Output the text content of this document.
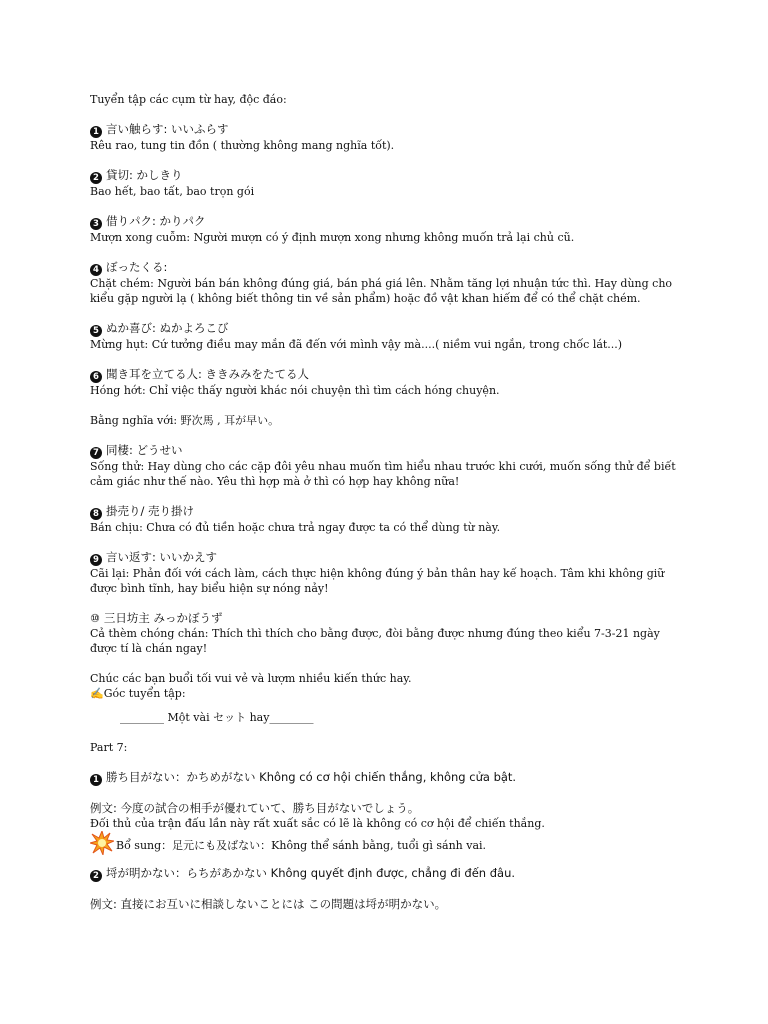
Tuyển tập các cụm từ hay, độc đáo:
1 言い触らす: いいふらす
Rêu rao, tung tin đồn ( thường không mang nghĩa tốt).
2 貸切: かしきり
Bao hết, bao tất, bao trọn gói
3 借りパク: かりパク
Mượn xong cuỗm: Người mượn có ý định mượn xong nhưng không muốn trả lại chủ cũ.
4 ぼったくる:
Chặt chém: Người bán bán không đúng giá, bán phá giá lên. Nhằm tăng lợi nhuận tức thì. Hay dùng cho kiểu gặp người lạ ( không biết thông tin về sản phẩm) hoặc đồ vật khan hiếm để có thể chặt chém.
5 ぬか喜び: ぬかよろこび
Mừng hụt: Cứ tưởng điều may mắn đã đến với mình vậy mà....( niềm vui ngắn, trong chốc lát...)
6 聞き耳を立てる人: ききみみをたてる人
Hóng hớt: Chỉ việc thấy người khác nói chuyện thì tìm cách hóng chuyện.
Bằng nghĩa với: 野次馬 , 耳が早い。
7 同棲: どうせい
Sống thử: Hay dùng cho các cặp đôi yêu nhau muốn tìm hiểu nhau trước khi cưới, muốn sống thử để biết cảm giác như thế nào. Yêu thì hợp mà ở thì có hợp hay không nữa!
8 掛売り/ 売り掛け
Bán chịu: Chưa có đủ tiền hoặc chưa trả ngay được ta có thể dùng từ này.
9 言い返す: いいかえす
Cãi lại: Phản đối với cách làm, cách thực hiện không đúng ý bản thân hay kế hoạch. Tâm khi không giữ được bình tĩnh, hay biểu hiện sự nóng nảy!
⑩ 三日坊主 みっかぼうず
Cả thèm chóng chán: Thích thì thích cho bằng được, đòi bằng được nhưng đúng theo kiểu 7-3-21 ngày được tí là chán ngay!
Chúc các bạn buổi tối vui vẻ và lượm nhiều kiến thức hay.
✍Góc tuyển tập:
________ Một vài セット hay________
Part 7:
1 勝ち目がない：かちめがない Không có cơ hội chiến thắng, không cửa bật.
例文: 今度の試合の相手が優れていて、勝ち目がないでしょう。
Đối thủ của trận đấu lần này rất xuất sắc có lẽ là không có cơ hội để chiến thắng.
Bổ sung：足元にも及ばない：Không thể sánh bằng, tuổi gì sánh vai.
2 埒が明かない：らちがあかない Không quyết định được, chẳng đi đến đâu.
例文: 直接にお互いに相談しないことには この問題は埒が明かない。
